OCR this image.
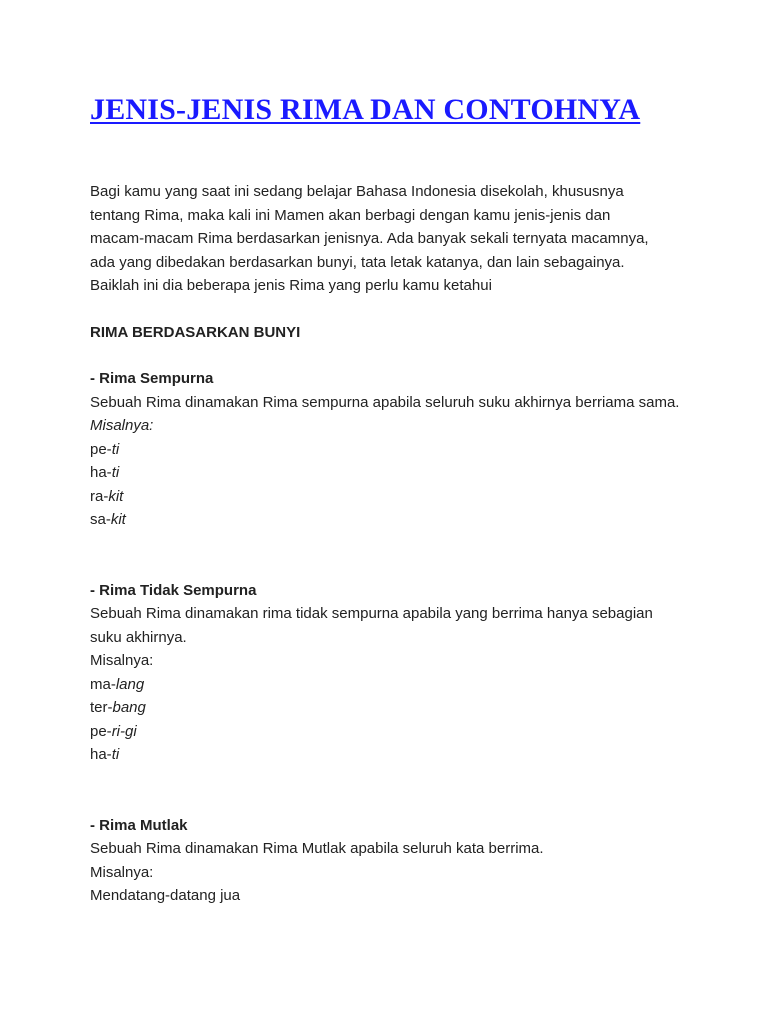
JENIS-JENIS RIMA DAN CONTOHNYA

Bagi kamu yang saat ini sedang belajar Bahasa Indonesia disekolah, khususnya tentang Rima, maka kali ini Mamen akan berbagi dengan kamu jenis-jenis dan macam-macam Rima berdasarkan jenisnya. Ada banyak sekali ternyata macamnya, ada yang dibedakan berdasarkan bunyi, tata letak katanya, dan lain sebagainya. Baiklah ini dia beberapa jenis Rima yang perlu kamu ketahui

RIMA BERDASARKAN BUNYI
- Rima Sempurna
Sebuah Rima dinamakan Rima sempurna apabila seluruh suku akhirnya berriama sama.
Misalnya:
pe-ti
ha-ti
ra-kit
sa-kit
- Rima Tidak Sempurna
Sebuah Rima dinamakan rima tidak sempurna apabila yang berrima hanya sebagian suku akhirnya.
Misalnya:
ma-lang
ter-bang
pe-ri-gi
ha-ti
- Rima Mutlak
Sebuah Rima dinamakan Rima Mutlak apabila seluruh kata berrima.
Misalnya:
Mendatang-datang jua
